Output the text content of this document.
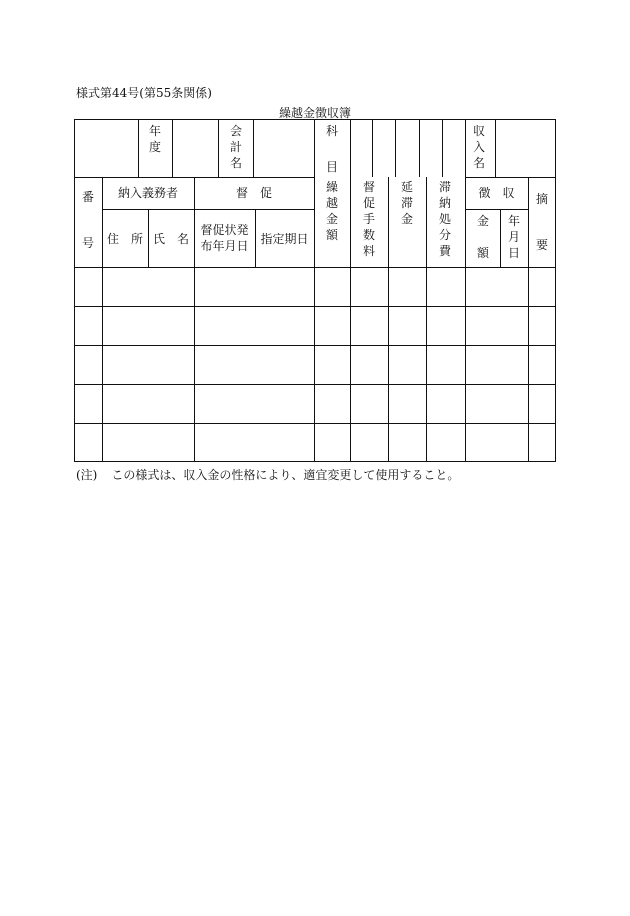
様式第44号(第55条関係)
繰越金徴収簿
年
度
会
計
名
科
目
収
入
名
番
号
納入義務者
住　所 氏　名
督　促
督促状発
布年月日 指定期日
繰
越
金
額
督
促
手
数
料
延
滞
金
滞
納
処
分
費
徴　収
金
額
年
月
日
摘
要
(注) この様式は、収入金の性格により、適宜変更して使用すること。
